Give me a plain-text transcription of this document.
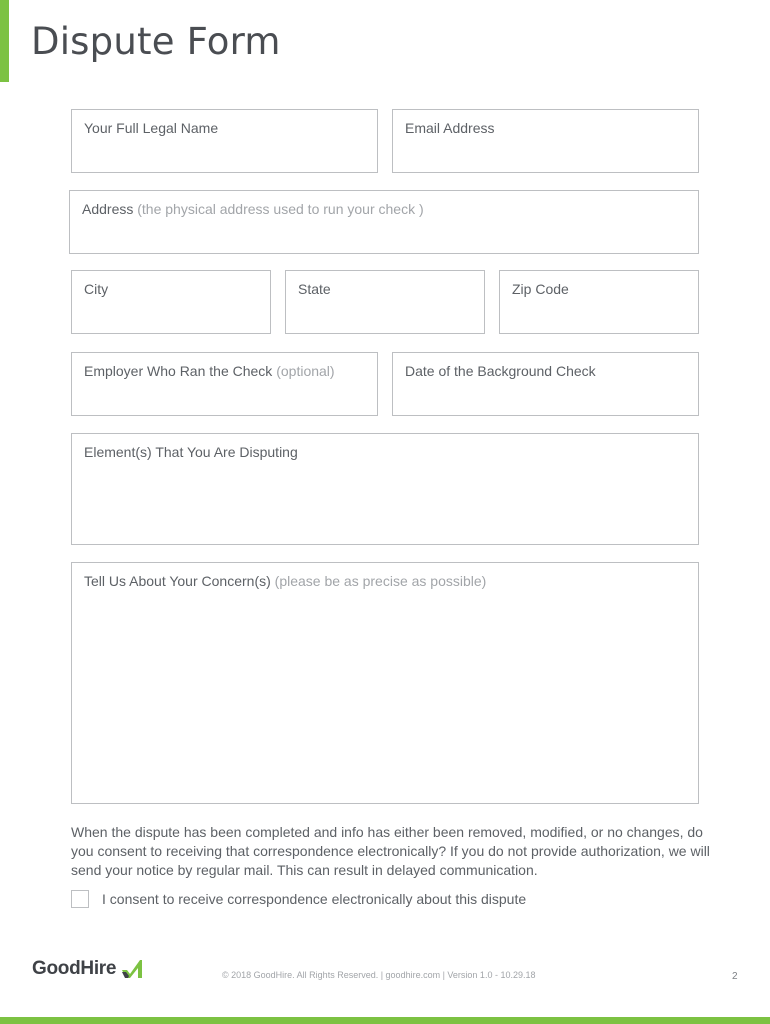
Dispute Form
Your Full Legal Name	Email Address
Address (the physical address used to run your check )
City	State	Zip Code
Employer Who Ran the Check (optional)	Date of the Background Check
Element(s) That You Are Disputing
Tell Us About Your Concern(s) (please be as precise as possible)
When the dispute has been completed and info has either been removed, modified, or no changes, do you consent to receiving that correspondence electronically? If you do not provide authorization, we will send your notice by regular mail. This can result in delayed communication.
I consent to receive correspondence electronically about this dispute
GoodHire	© 2018 GoodHire. All Rights Reserved. | goodhire.com | Version 1.0 - 10.29.18	2
